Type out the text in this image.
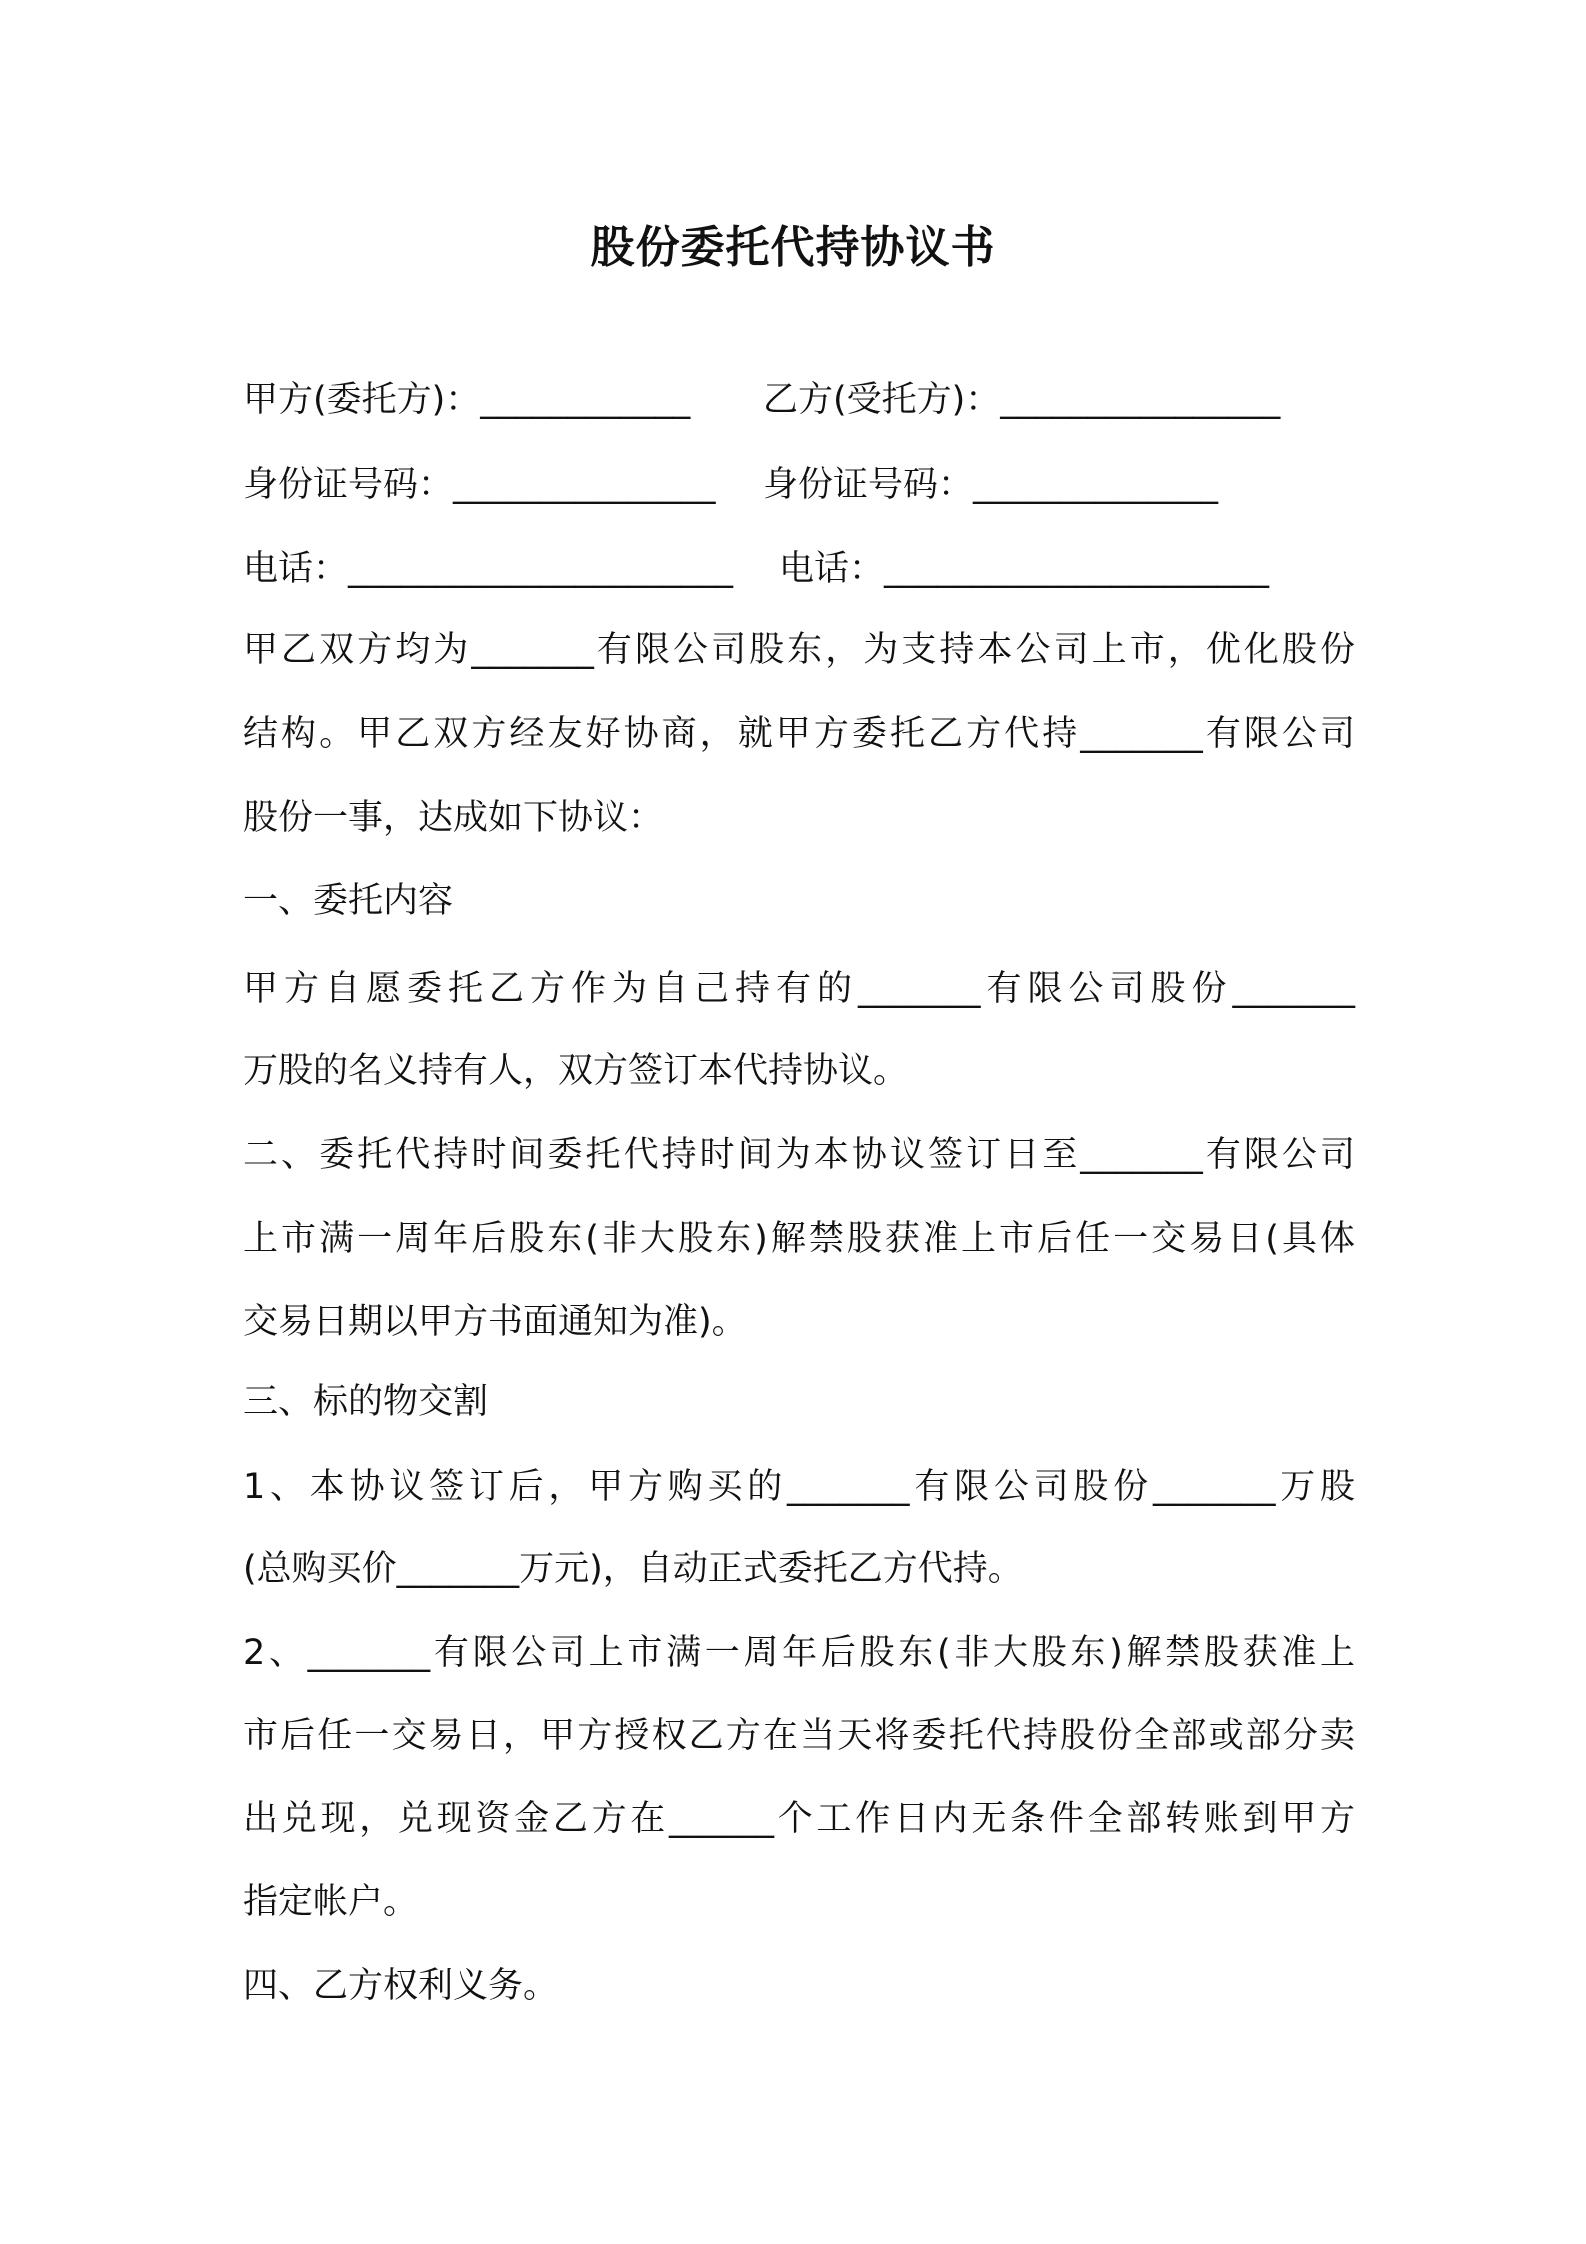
股份委托代持协议书
甲方(委托方)：____________ 乙方(受托方)：________________
身份证号码：_______________ 身份证号码：______________
电话：______________________ 电话：______________________
甲乙双方均为_______有限公司股东，为支持本公司上市，优化股份
结构。甲乙双方经友好协商，就甲方委托乙方代持_______有限公司
股份一事，达成如下协议：
一、委托内容
甲方自愿委托乙方作为自己持有的_______有限公司股份_______
万股的名义持有人，双方签订本代持协议。
二、委托代持时间委托代持时间为本协议签订日至_______有限公司
上市满一周年后股东(非大股东)解禁股获准上市后任一交易日(具体
交易日期以甲方书面通知为准)。
三、标的物交割
1、本协议签订后，甲方购买的_______有限公司股份_______万股
(总购买价_______万元)，自动正式委托乙方代持。
2、_______有限公司上市满一周年后股东(非大股东)解禁股获准上
市后任一交易日，甲方授权乙方在当天将委托代持股份全部或部分卖
出兑现，兑现资金乙方在______个工作日内无条件全部转账到甲方
指定帐户。
四、乙方权利义务。
